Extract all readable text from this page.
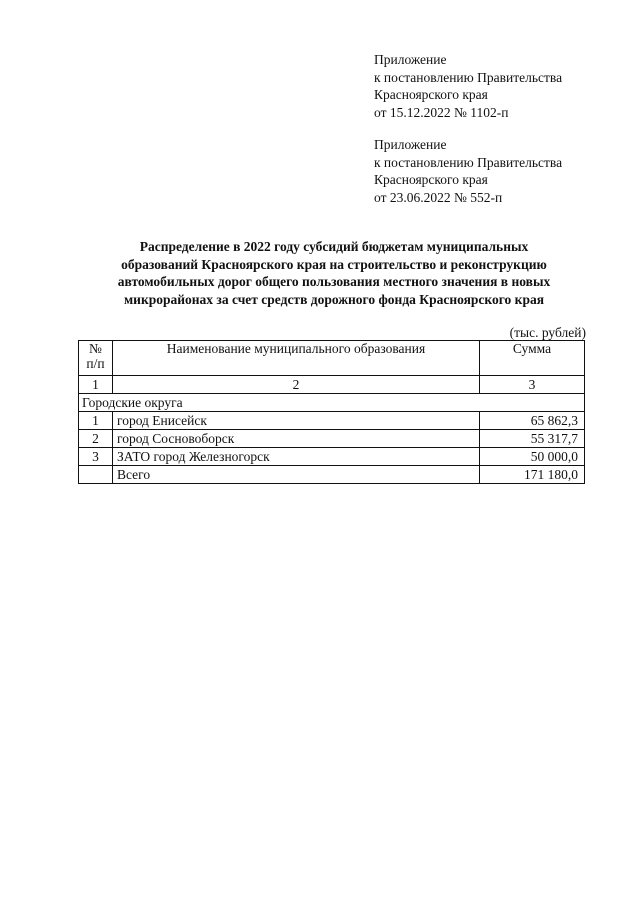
Приложение
к постановлению Правительства
Красноярского края
от 15.12.2022 № 1102-п
Приложение
к постановлению Правительства
Красноярского края
от 23.06.2022 № 552-п
Распределение в 2022 году субсидий бюджетам муниципальных
образований Красноярского края на строительство и реконструкцию
автомобильных дорог общего пользования местного значения в новых
микрорайонах за счет средств дорожного фонда Красноярского края
(тыс. рублей)
№
п/п	Наименование муниципального образования	Сумма
1	2	3
Городские округа		
1	город Енисейск	65 862,3
2	город Сосновоборск	55 317,7
3	ЗАТО город Железногорск	50 000,0
	Всего	171 180,0
